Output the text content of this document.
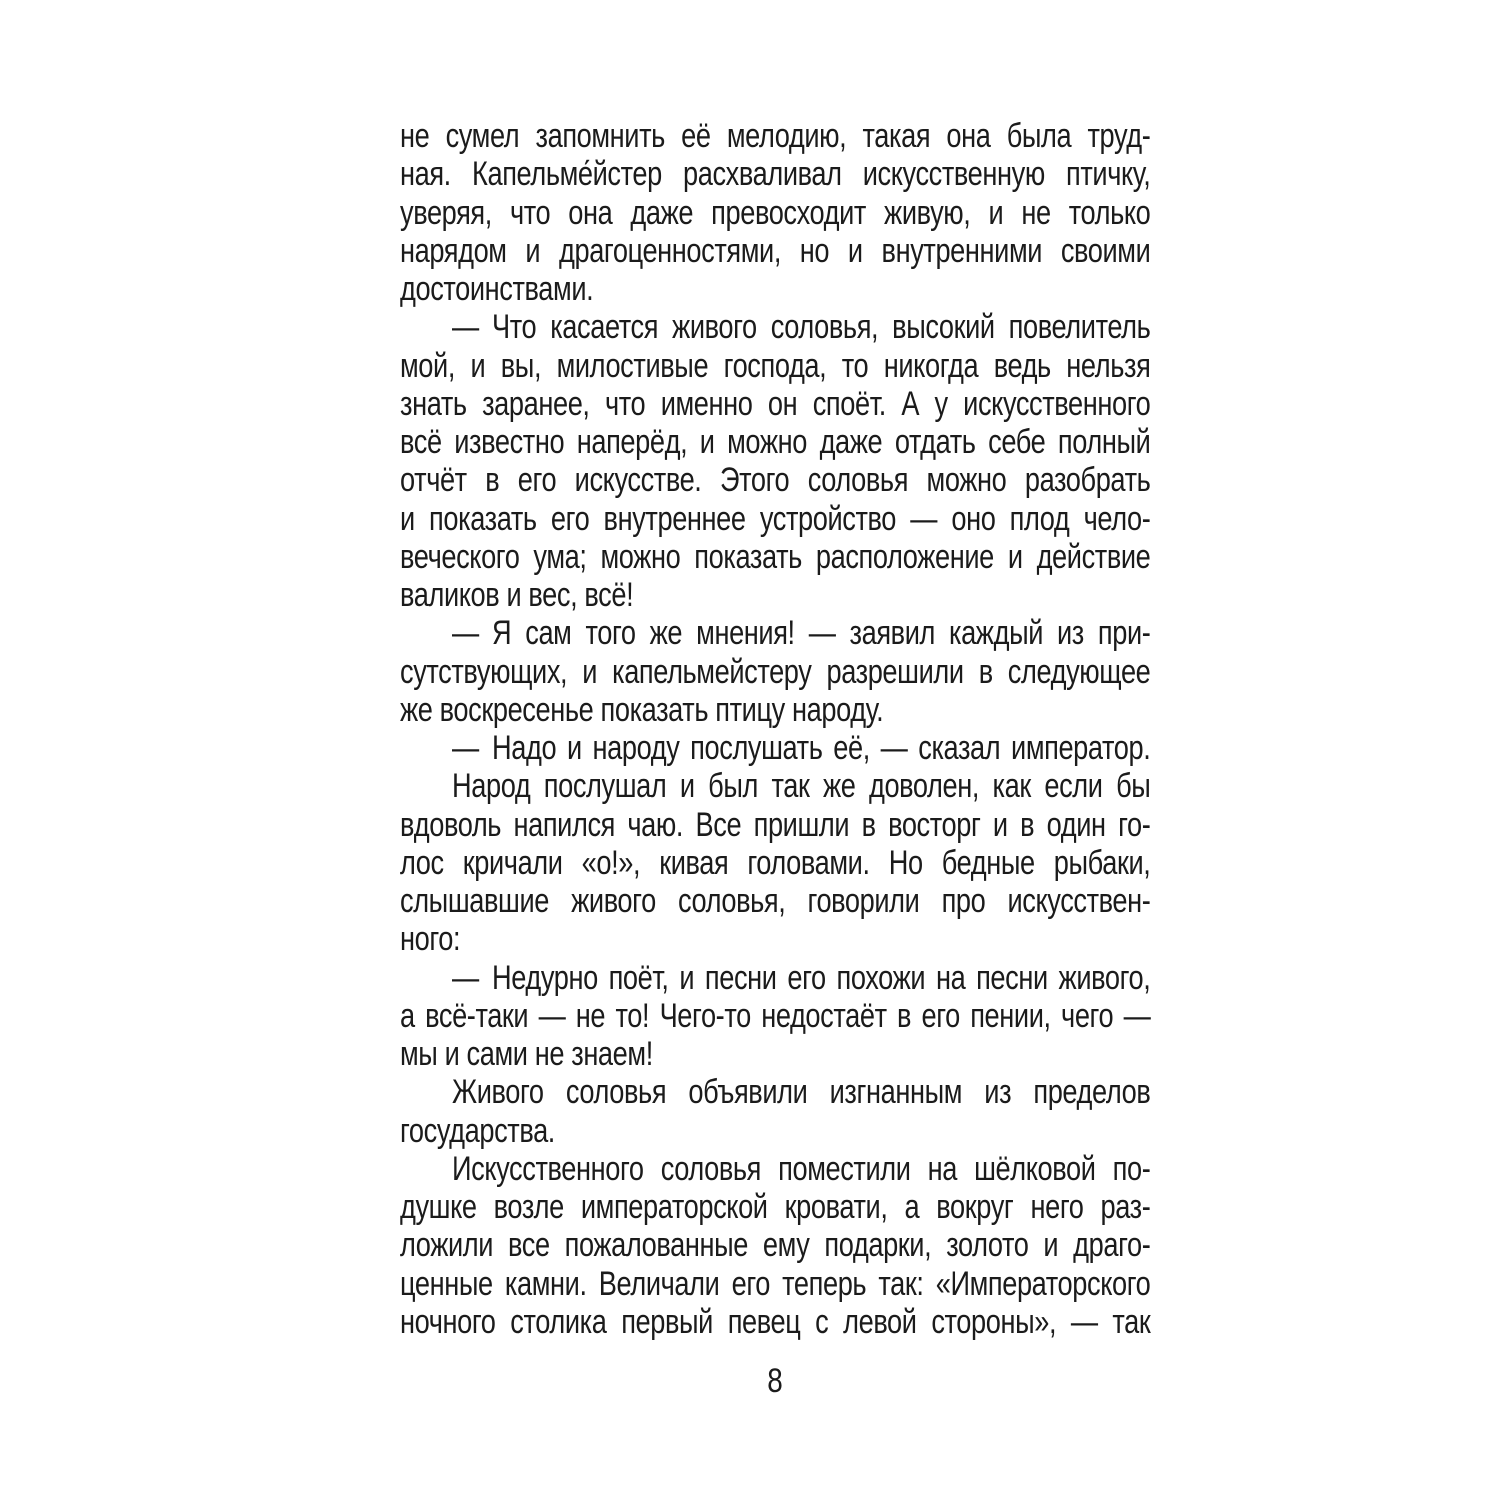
не сумел запомнить её мелодию, такая она была труд-
ная. Капельме́йстер расхваливал искусственную птичку,
уверяя, что она даже превосходит живую, и не только
нарядом и драгоценностями, но и внутренними своими
достоинствами.
— Что касается живого соловья, высокий повелитель
мой, и вы, милостивые господа, то никогда ведь нельзя
знать заранее, что именно он споёт. А у искусственного
всё известно наперёд, и можно даже отдать себе полный
отчёт в его искусстве. Этого соловья можно разобрать
и показать его внутреннее устройство — оно плод чело-
веческого ума; можно показать расположение и действие
валиков и вес, всё!
— Я сам того же мнения! — заявил каждый из при-
сутствующих, и капельмейстеру разрешили в следующее
же воскресенье показать птицу народу.
— Надо и народу послушать её, — сказал император.
Народ послушал и был так же доволен, как если бы
вдоволь напился чаю. Все пришли в восторг и в один го-
лос кричали «о!», кивая головами. Но бедные рыбаки,
слышавшие живого соловья, говорили про искусствен-
ного:
— Недурно поёт, и песни его похожи на песни живого,
а всё-таки — не то! Чего-то недостаёт в его пении, чего —
мы и сами не знаем!
Живого соловья объявили изгнанным из пределов
государства.
Искусственного соловья поместили на шёлковой по-
душке возле императорской кровати, а вокруг него раз-
ложили все пожалованные ему подарки, золото и драго-
ценные камни. Величали его теперь так: «Императорского
ночного столика первый певец с левой стороны», — так
8
